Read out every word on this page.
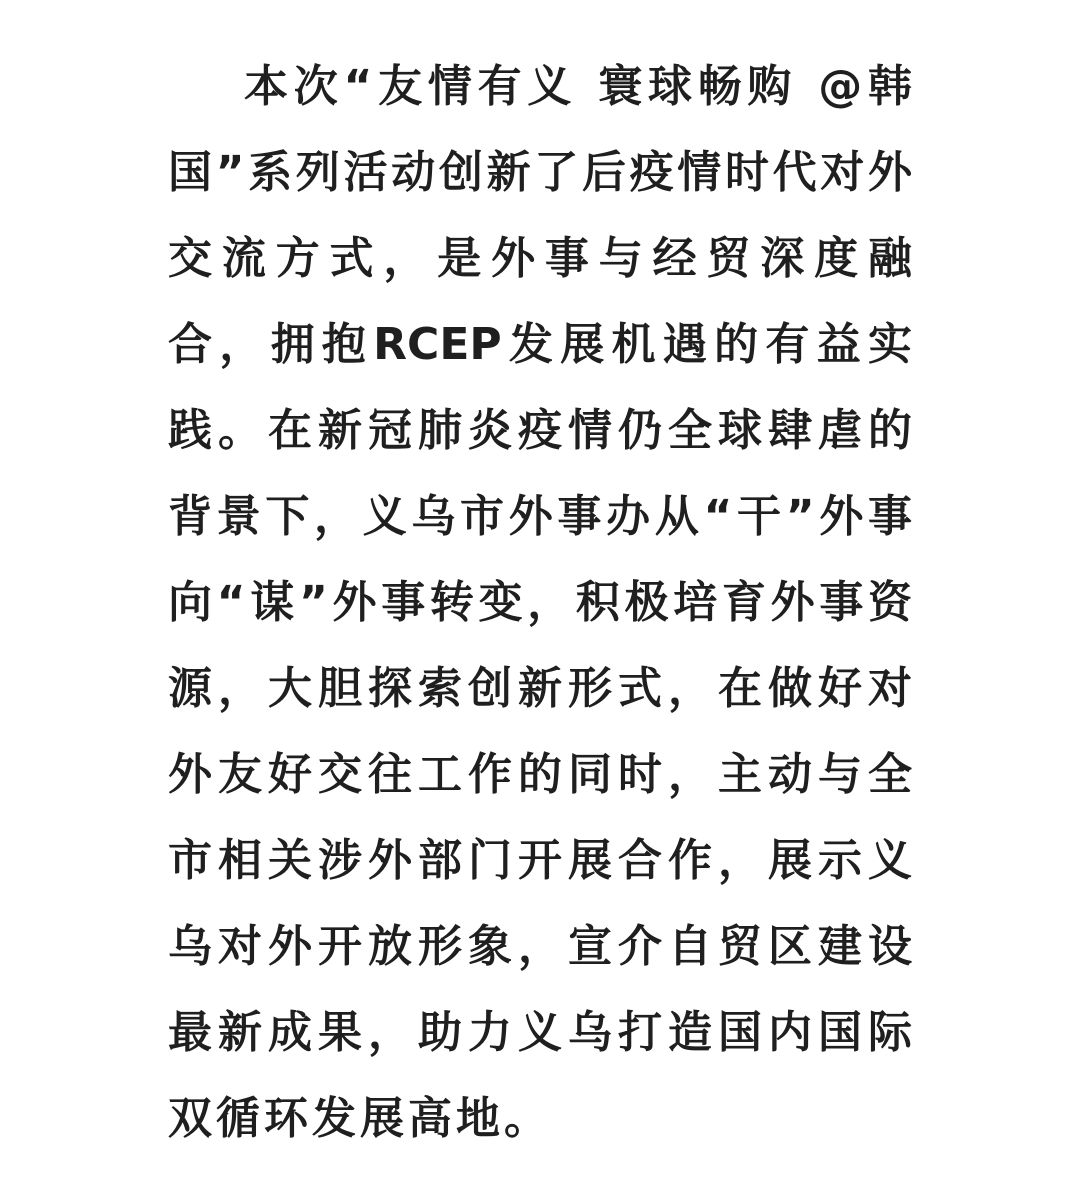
本次“友情有义 寰球畅购 @韩
国”系列活动创新了后疫情时代对外
交流方式，是外事与经贸深度融
合，拥抱RCEP发展机遇的有益实
践。在新冠肺炎疫情仍全球肆虐的
背景下，义乌市外事办从“干”外事
向“谋”外事转变，积极培育外事资
源，大胆探索创新形式，在做好对
外友好交往工作的同时，主动与全
市相关涉外部门开展合作，展示义
乌对外开放形象，宣介自贸区建设
最新成果，助力义乌打造国内国际
双循环发展高地。
